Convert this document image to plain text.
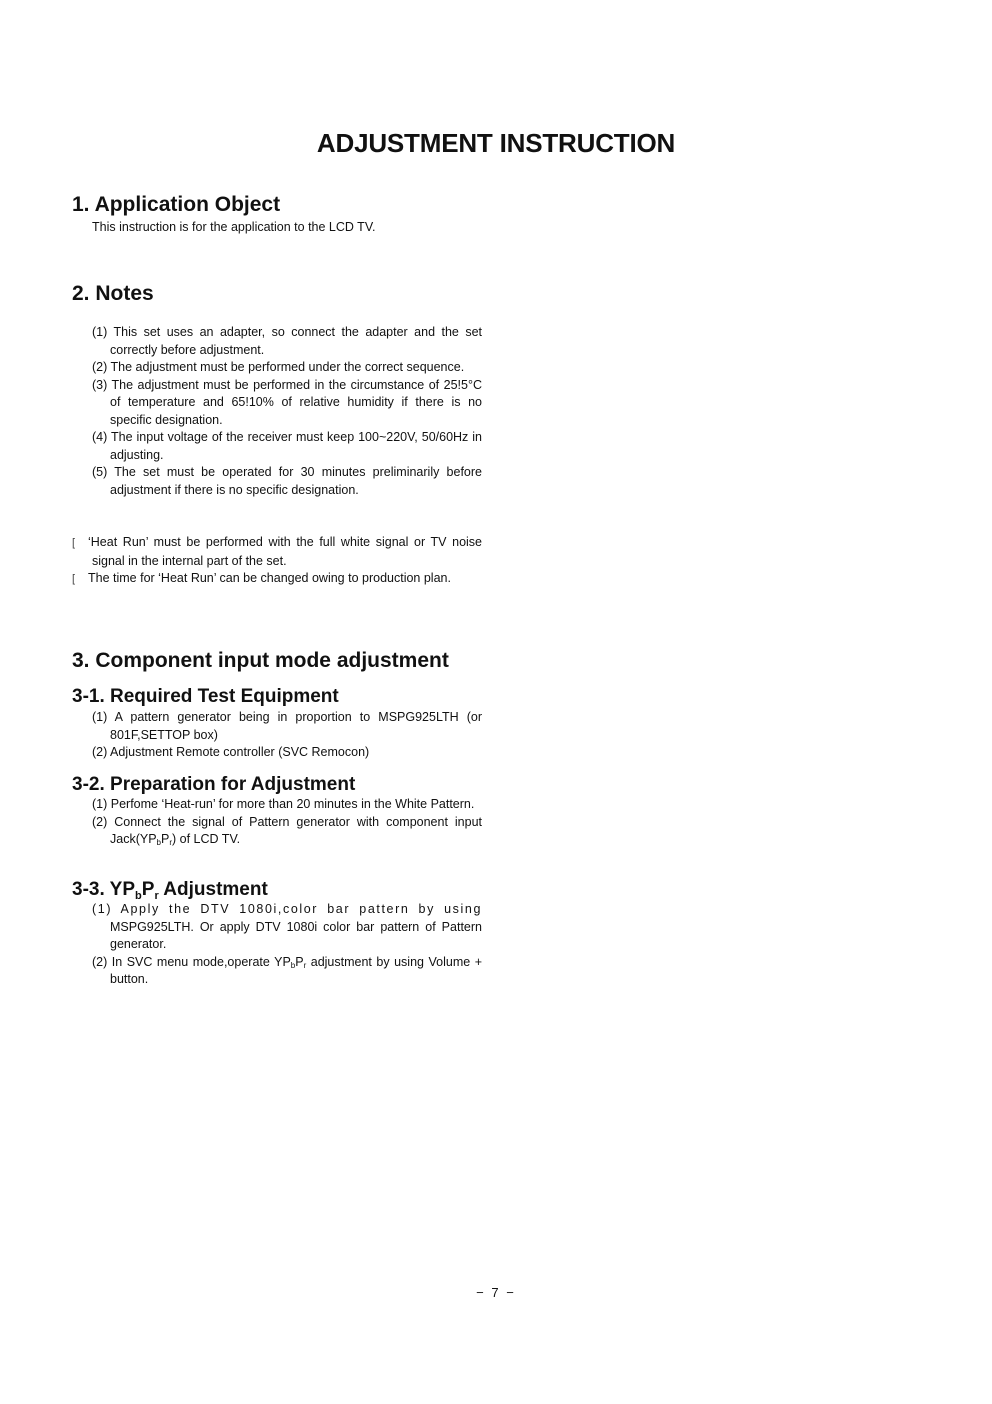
ADJUSTMENT INSTRUCTION
1. Application Object
This instruction is for the application to the LCD TV.
2. Notes

(1) This set uses an adapter, so connect the adapter and the set correctly before adjustment.

(2) The adjustment must be performed under the correct sequence.

(3) The adjustment must be performed in the circumstance of 25!5°C of temperature and 65!10% of relative humidity if there is no specific designation.

(4) The input voltage of the receiver must keep 100~220V, 50/60Hz in adjusting.

(5) The set must be operated for 30 minutes preliminarily before adjustment if there is no specific designation.

[ ‘Heat Run’ must be performed with the full white signal or TV noise signal in the internal part of the set.

[ The time for ‘Heat Run’ can be changed owing to production plan.

3. Component input mode adjustment
3-1. Required Test Equipment

(1) A pattern generator being in proportion to MSPG925LTH (or 801F,SETTOP box)

(2) Adjustment Remote controller (SVC Remocon)

3-2. Preparation for Adjustment

(1) Perfome ‘Heat-run’ for more than 20 minutes in the White Pattern.

(2) Connect the signal of Pattern generator with component input $Jack(YP_bP_r)$ of LCD TV.

3-3. $YP_bP_r$ Adjustment

(1) Apply the DTV 1080i,color bar pattern by using MSPG925LTH. Or apply DTV 1080i color bar pattern of Pattern generator.

(2) In SVC menu mode,operate $YP_bP_r$ adjustment by using Volume + button.

− 7 −
